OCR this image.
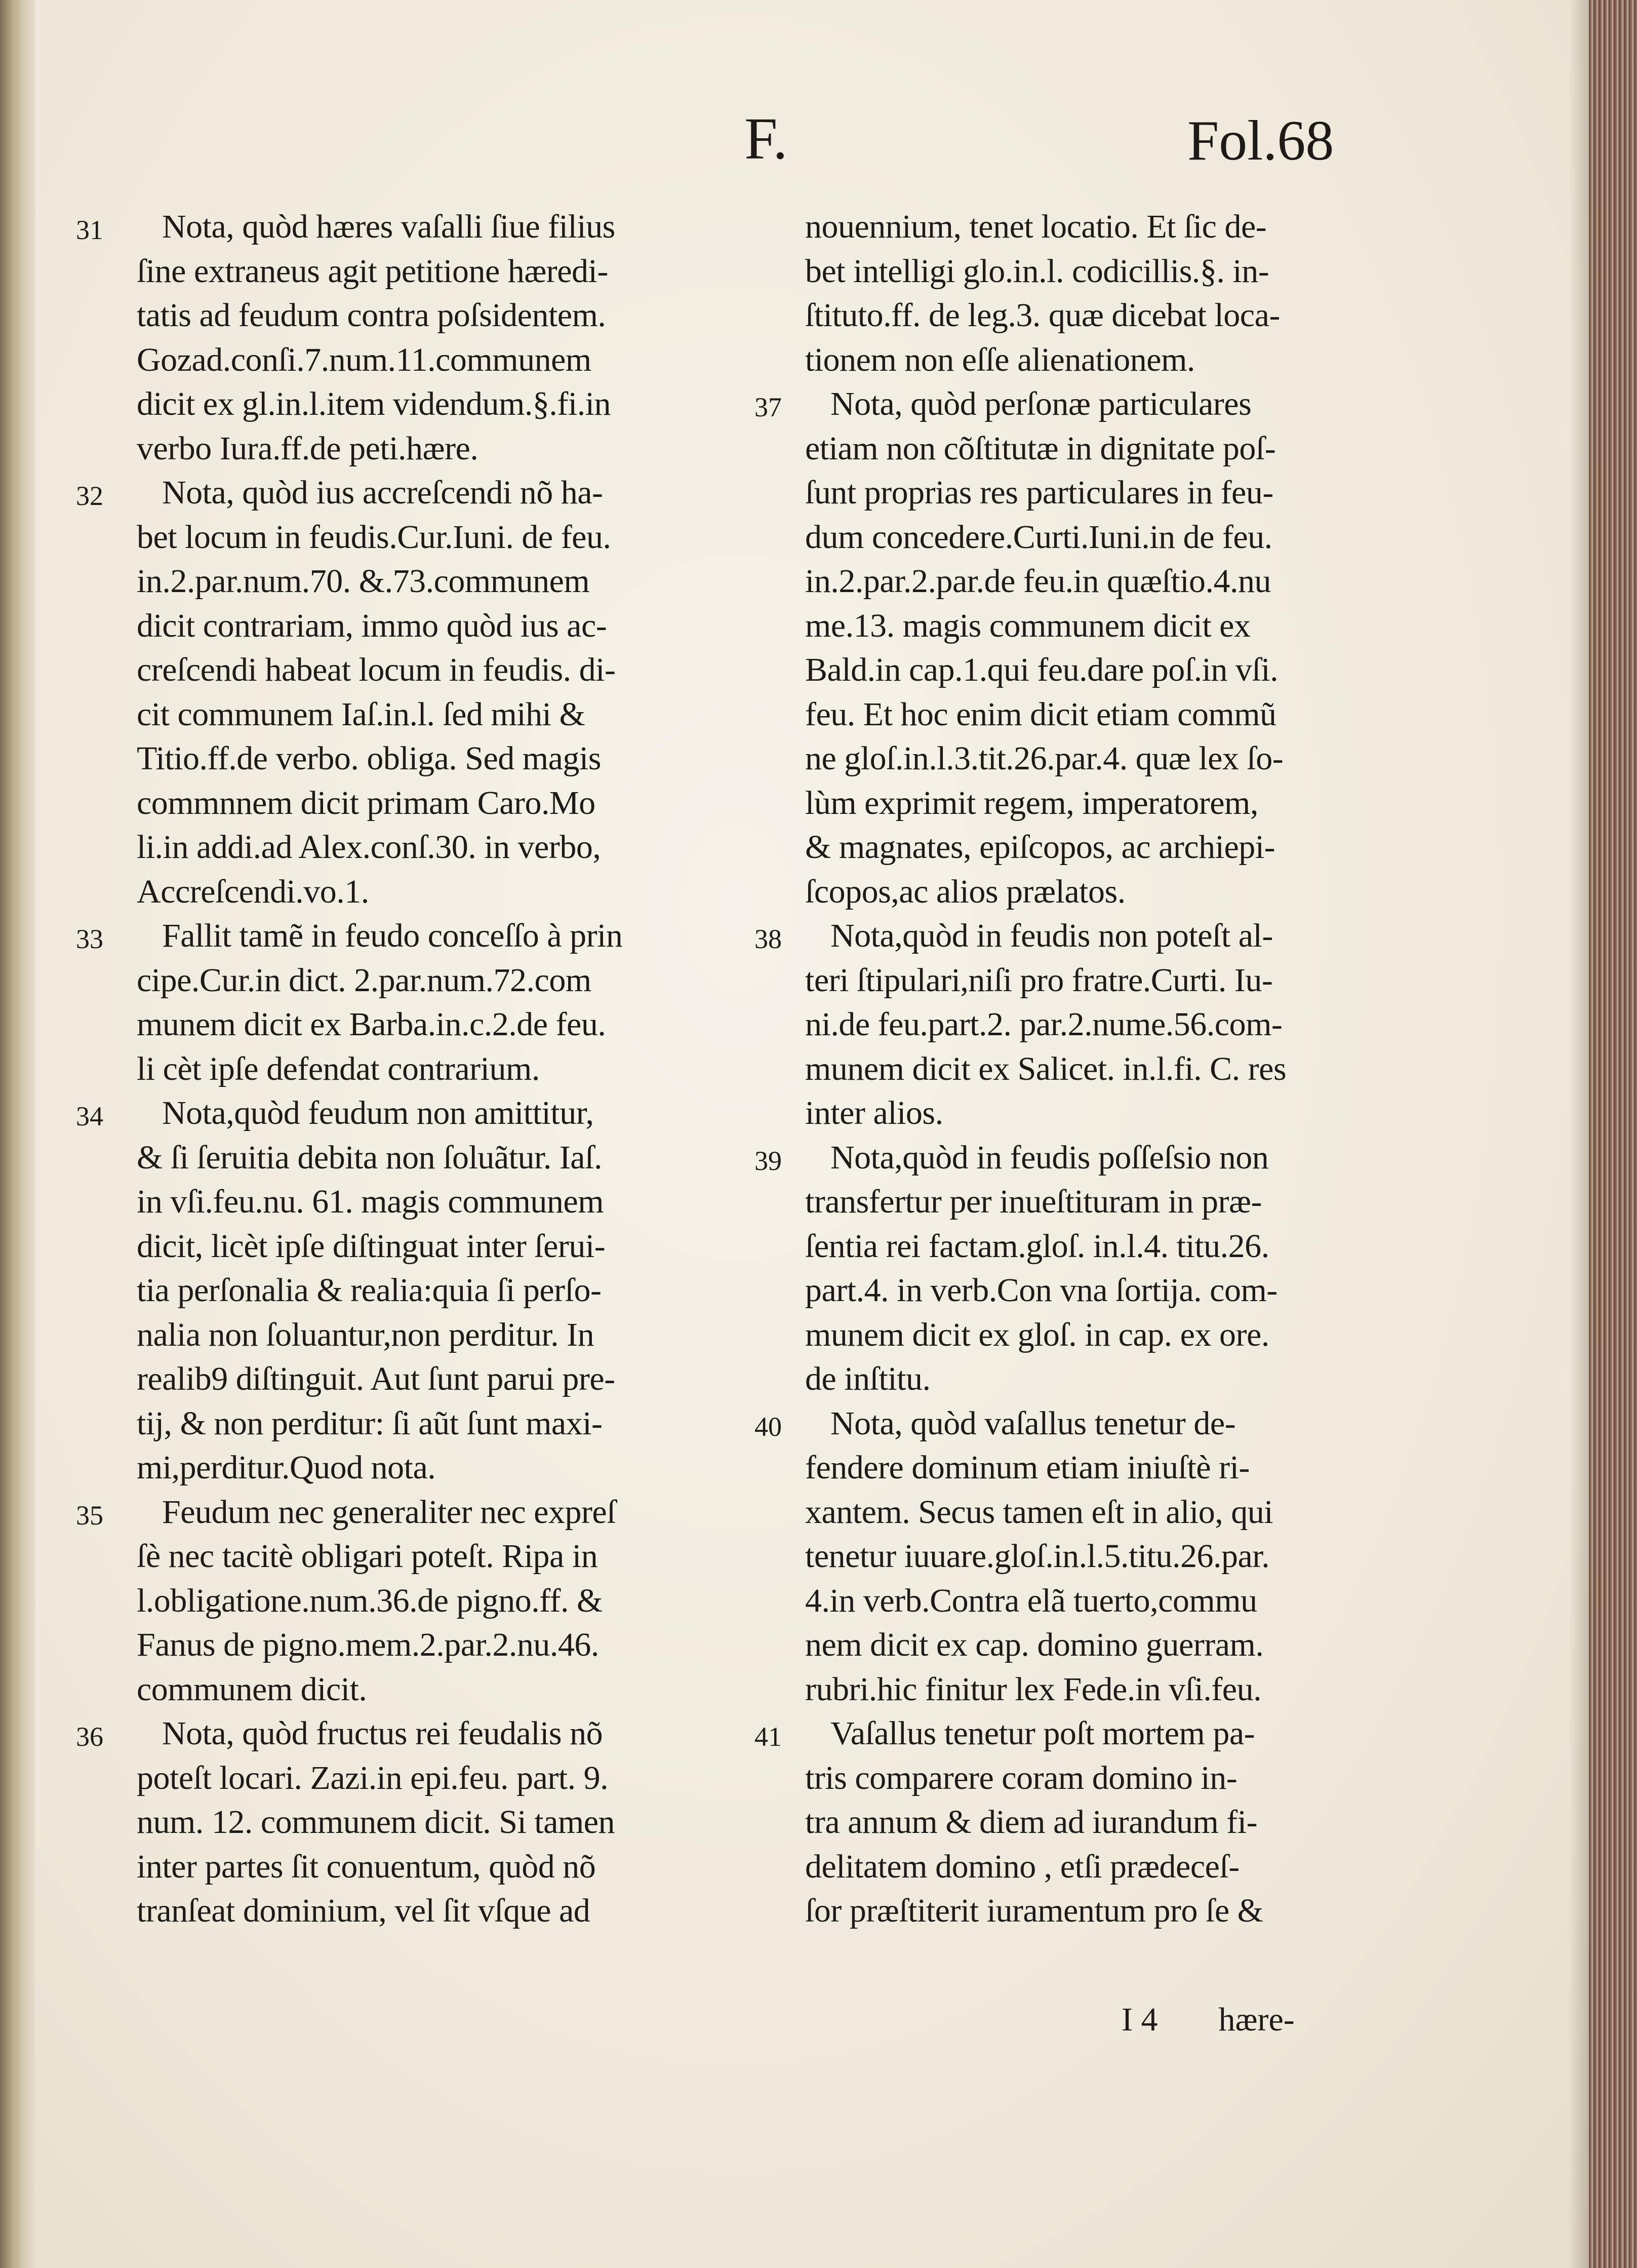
F.	Fol.68
31 Nota, quòd hæres vaſalli ſiue filius
ſine extraneus agit petitione hæredi-
tatis ad feudum contra poſsidentem.
Gozad.conſi.7.num.11.communem
dicit ex gl.in.l.item videndum.§.fi.in
verbo Iura.ff.de peti.hære.
32 Nota, quòd ius accreſcendi nõ ha-
bet locum in feudis.Cur.Iuni. de feu.
in.2.par.num.70. &.73.communem
dicit contrariam, immo quòd ius ac-
creſcendi habeat locum in feudis. di-
cit communem Iaſ.in.l. ſed mihi &
Titio.ff.de verbo. obliga. Sed magis
commnnem dicit primam Caro.Mo
li.in addi.ad Alex.conſ.30. in verbo,
Accreſcendi.vo.1.
33 Fallit tamẽ in feudo conceſſo à prin
cipe.Cur.in dict. 2.par.num.72.com
munem dicit ex Barba.in.c.2.de feu.
li cèt ipſe defendat contrarium.
34 Nota,quòd feudum non amittitur,
& ſi ſeruitia debita non ſoluãtur. Iaſ.
in vſi.feu.nu. 61. magis communem
dicit, licèt ipſe diſtinguat inter ſerui-
tia perſonalia & realia:quia ſi perſo-
nalia non ſoluantur,non perditur. In
realib9 diſtinguit. Aut ſunt parui pre-
tij, & non perditur: ſi aũt ſunt maxi-
mi,perditur.Quod nota.
35 Feudum nec generaliter nec expreſ
ſè nec tacitè obligari poteſt. Ripa in
l.obligatione.num.36.de pigno.ff. &
Fanus de pigno.mem.2.par.2.nu.46.
communem dicit.
36 Nota, quòd fructus rei feudalis nõ
poteſt locari. Zazi.in epi.feu. part. 9.
num. 12. communem dicit. Si tamen
inter partes ſit conuentum, quòd nõ
tranſeat dominium, vel ſit vſque ad
nouennium, tenet locatio. Et ſic de-
bet intelligi glo.in.l. codicillis.§. in-
ſtituto.ff. de leg.3. quæ dicebat loca-
tionem non eſſe alienationem.
37 Nota, quòd perſonæ particulares
etiam non cõſtitutæ in dignitate poſ-
ſunt proprias res particulares in feu-
dum concedere.Curti.Iuni.in de feu.
in.2.par.2.par.de feu.in quæſtio.4.nu
me.13. magis communem dicit ex
Bald.in cap.1.qui feu.dare poſ.in vſi.
feu. Et hoc enim dicit etiam commũ
ne gloſ.in.l.3.tit.26.par.4. quæ lex ſo-
lùm exprimit regem, imperatorem,
& magnates, epiſcopos, ac archiepi-
ſcopos,ac alios prælatos.
38 Nota,quòd in feudis non poteſt al-
teri ſtipulari,niſi pro fratre.Curti. Iu-
ni.de feu.part.2. par.2.nume.56.com-
munem dicit ex Salicet. in.l.fi. C. res
inter alios.
39 Nota,quòd in feudis poſſeſsio non
transfertur per inueſtituram in præ-
ſentia rei factam.gloſ. in.l.4. titu.26.
part.4. in verb.Con vna ſortija. com-
munem dicit ex gloſ. in cap. ex ore.
de inſtitu.
40 Nota, quòd vaſallus tenetur de-
fendere dominum etiam iniuſtè ri-
xantem. Secus tamen eſt in alio, qui
tenetur iuuare.gloſ.in.l.5.titu.26.par.
4.in verb.Contra elã tuerto,commu
nem dicit ex cap. domino guerram.
rubri.hic finitur lex Fede.in vſi.feu.
41 Vaſallus tenetur poſt mortem pa-
tris comparere coram domino in-
tra annum & diem ad iurandum fi-
delitatem domino , etſi prædeceſ-
ſor præſtiterit iuramentum pro ſe &
I 4 hære-
